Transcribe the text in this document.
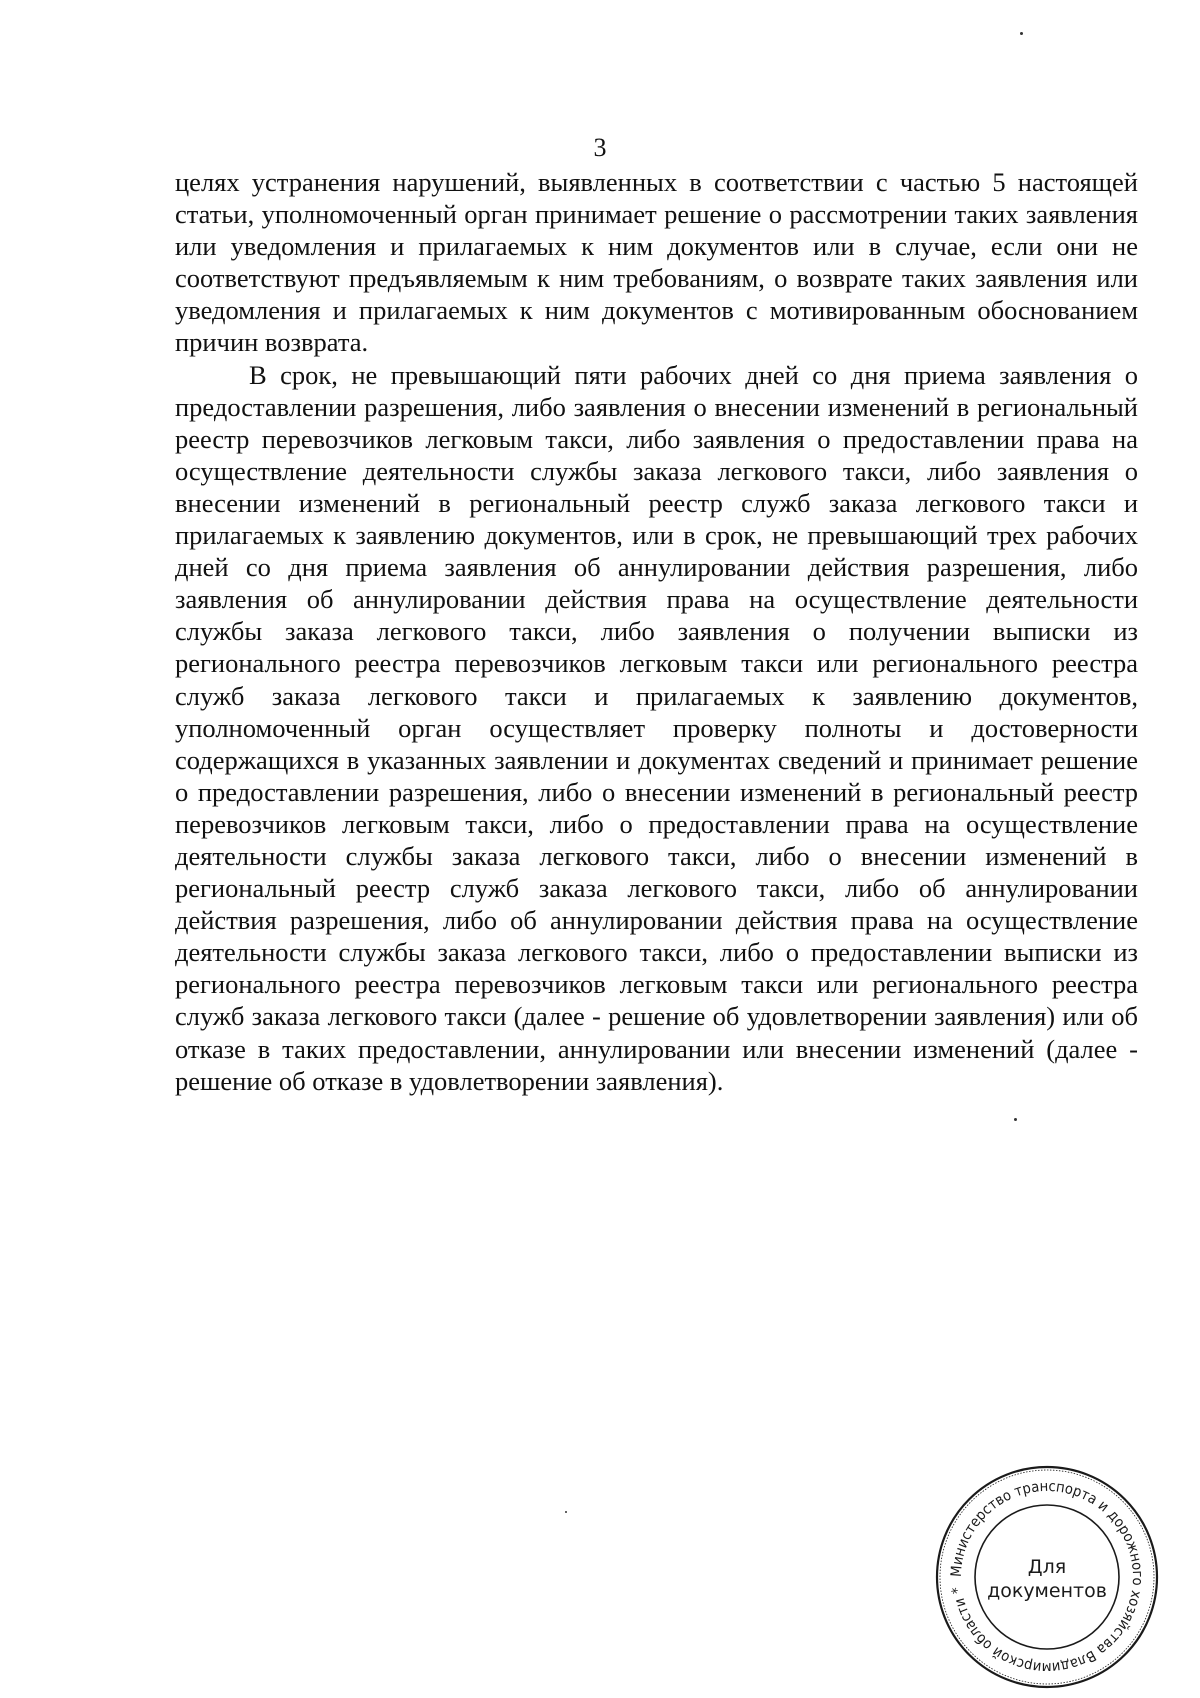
3

целях устранения нарушений, выявленных в соответствии с частью 5 настоящей статьи, уполномоченный орган принимает решение о рассмотрении таких заявления или уведомления и прилагаемых к ним документов или в случае, если они не соответствуют предъявляемым к ним требованиям, о возврате таких заявления или уведомления и прилагаемых к ним документов с мотивированным обоснованием причин возврата.

В срок, не превышающий пяти рабочих дней со дня приема заявления о предоставлении разрешения, либо заявления о внесении изменений в региональный реестр перевозчиков легковым такси, либо заявления о предоставлении права на осуществление деятельности службы заказа легкового такси, либо заявления о внесении изменений в региональный реестр служб заказа легкового такси и прилагаемых к заявлению документов, или в срок, не превышающий трех рабочих дней со дня приема заявления об аннулировании действия разрешения, либо заявления об аннулировании действия права на осуществление деятельности службы заказа легкового такси, либо заявления о получении выписки из регионального реестра перевозчиков легковым такси или регионального реестра служб заказа легкового такси и прилагаемых к заявлению документов, уполномоченный орган осуществляет проверку полноты и достоверности содержащихся в указанных заявлении и документах сведений и принимает решение о предоставлении разрешения, либо о внесении изменений в региональный реестр перевозчиков легковым такси, либо о предоставлении права на осуществление деятельности службы заказа легкового такси, либо о внесении изменений в региональный реестр служб заказа легкового такси, либо об аннулировании действия разрешения, либо об аннулировании действия права на осуществление деятельности службы заказа легкового такси, либо о предоставлении выписки из регионального реестра перевозчиков легковым такси или регионального реестра служб заказа легкового такси (далее - решение об удовлетворении заявления) или об отказе в таких предоставлении, аннулировании или внесении изменений (далее - решение об отказе в удовлетворении заявления).

Министерство транспорта и дорожного хозяйства Владимирской области *
Для
документов
